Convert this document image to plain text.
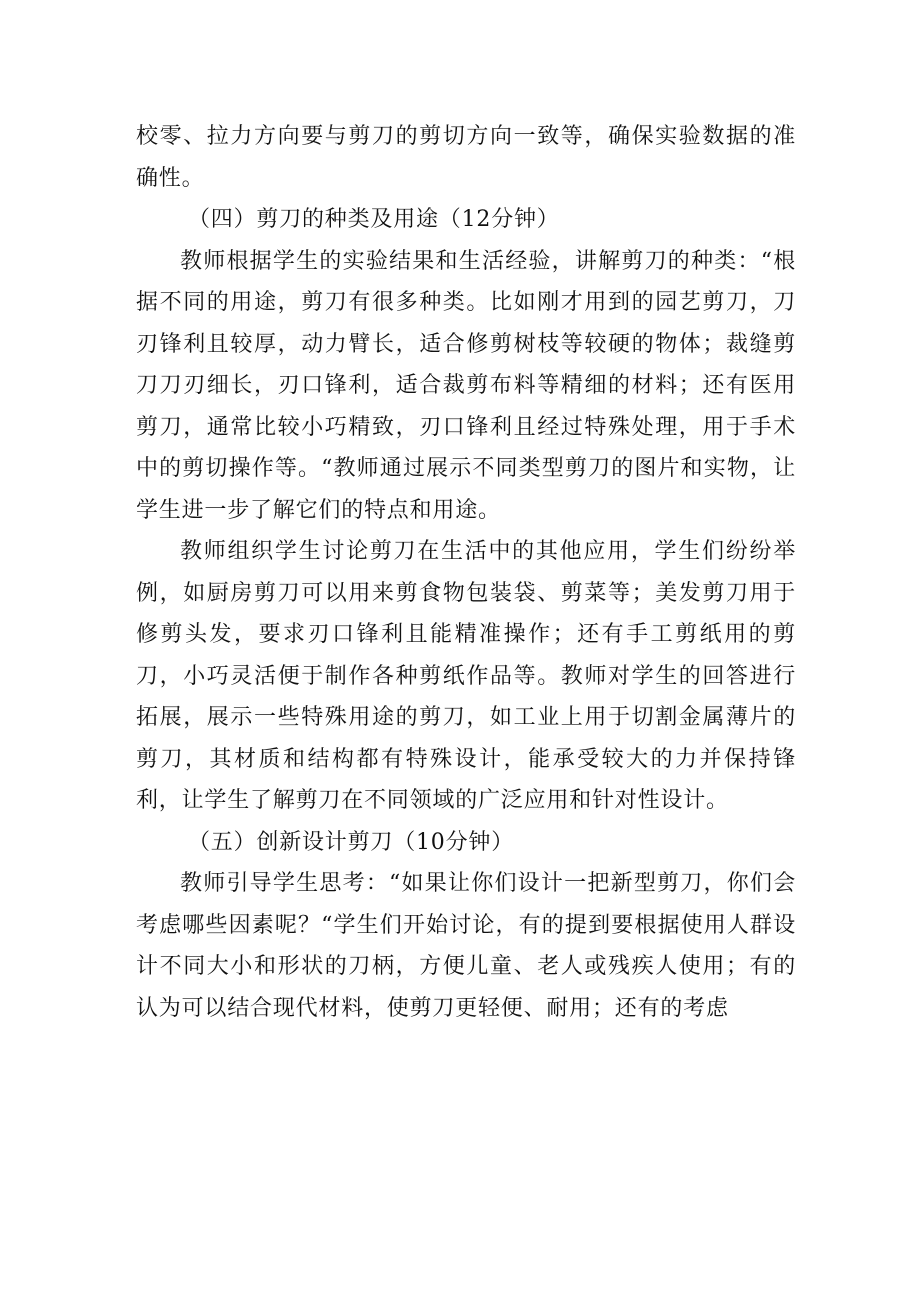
校零、拉力方向要与剪刀的剪切方向一致等，确保实验数据的准确性。

（四）剪刀的种类及用途（12分钟）

教师根据学生的实验结果和生活经验，讲解剪刀的种类：“根据不同的用途，剪刀有很多种类。比如刚才用到的园艺剪刀，刀刃锋利且较厚，动力臂长，适合修剪树枝等较硬的物体；裁缝剪刀刀刃细长，刃口锋利，适合裁剪布料等精细的材料；还有医用剪刀，通常比较小巧精致，刃口锋利且经过特殊处理，用于手术中的剪切操作等。“教师通过展示不同类型剪刀的图片和实物，让学生进一步了解它们的特点和用途。

教师组织学生讨论剪刀在生活中的其他应用，学生们纷纷举例，如厨房剪刀可以用来剪食物包装袋、剪菜等；美发剪刀用于修剪头发，要求刃口锋利且能精准操作；还有手工剪纸用的剪刀，小巧灵活便于制作各种剪纸作品等。教师对学生的回答进行拓展，展示一些特殊用途的剪刀，如工业上用于切割金属薄片的剪刀，其材质和结构都有特殊设计，能承受较大的力并保持锋利，让学生了解剪刀在不同领域的广泛应用和针对性设计。

（五）创新设计剪刀（10分钟）

教师引导学生思考：“如果让你们设计一把新型剪刀，你们会考虑哪些因素呢？“学生们开始讨论，有的提到要根据使用人群设计不同大小和形状的刀柄，方便儿童、老人或残疾人使用；有的认为可以结合现代材料，使剪刀更轻便、耐用；还有的考虑
